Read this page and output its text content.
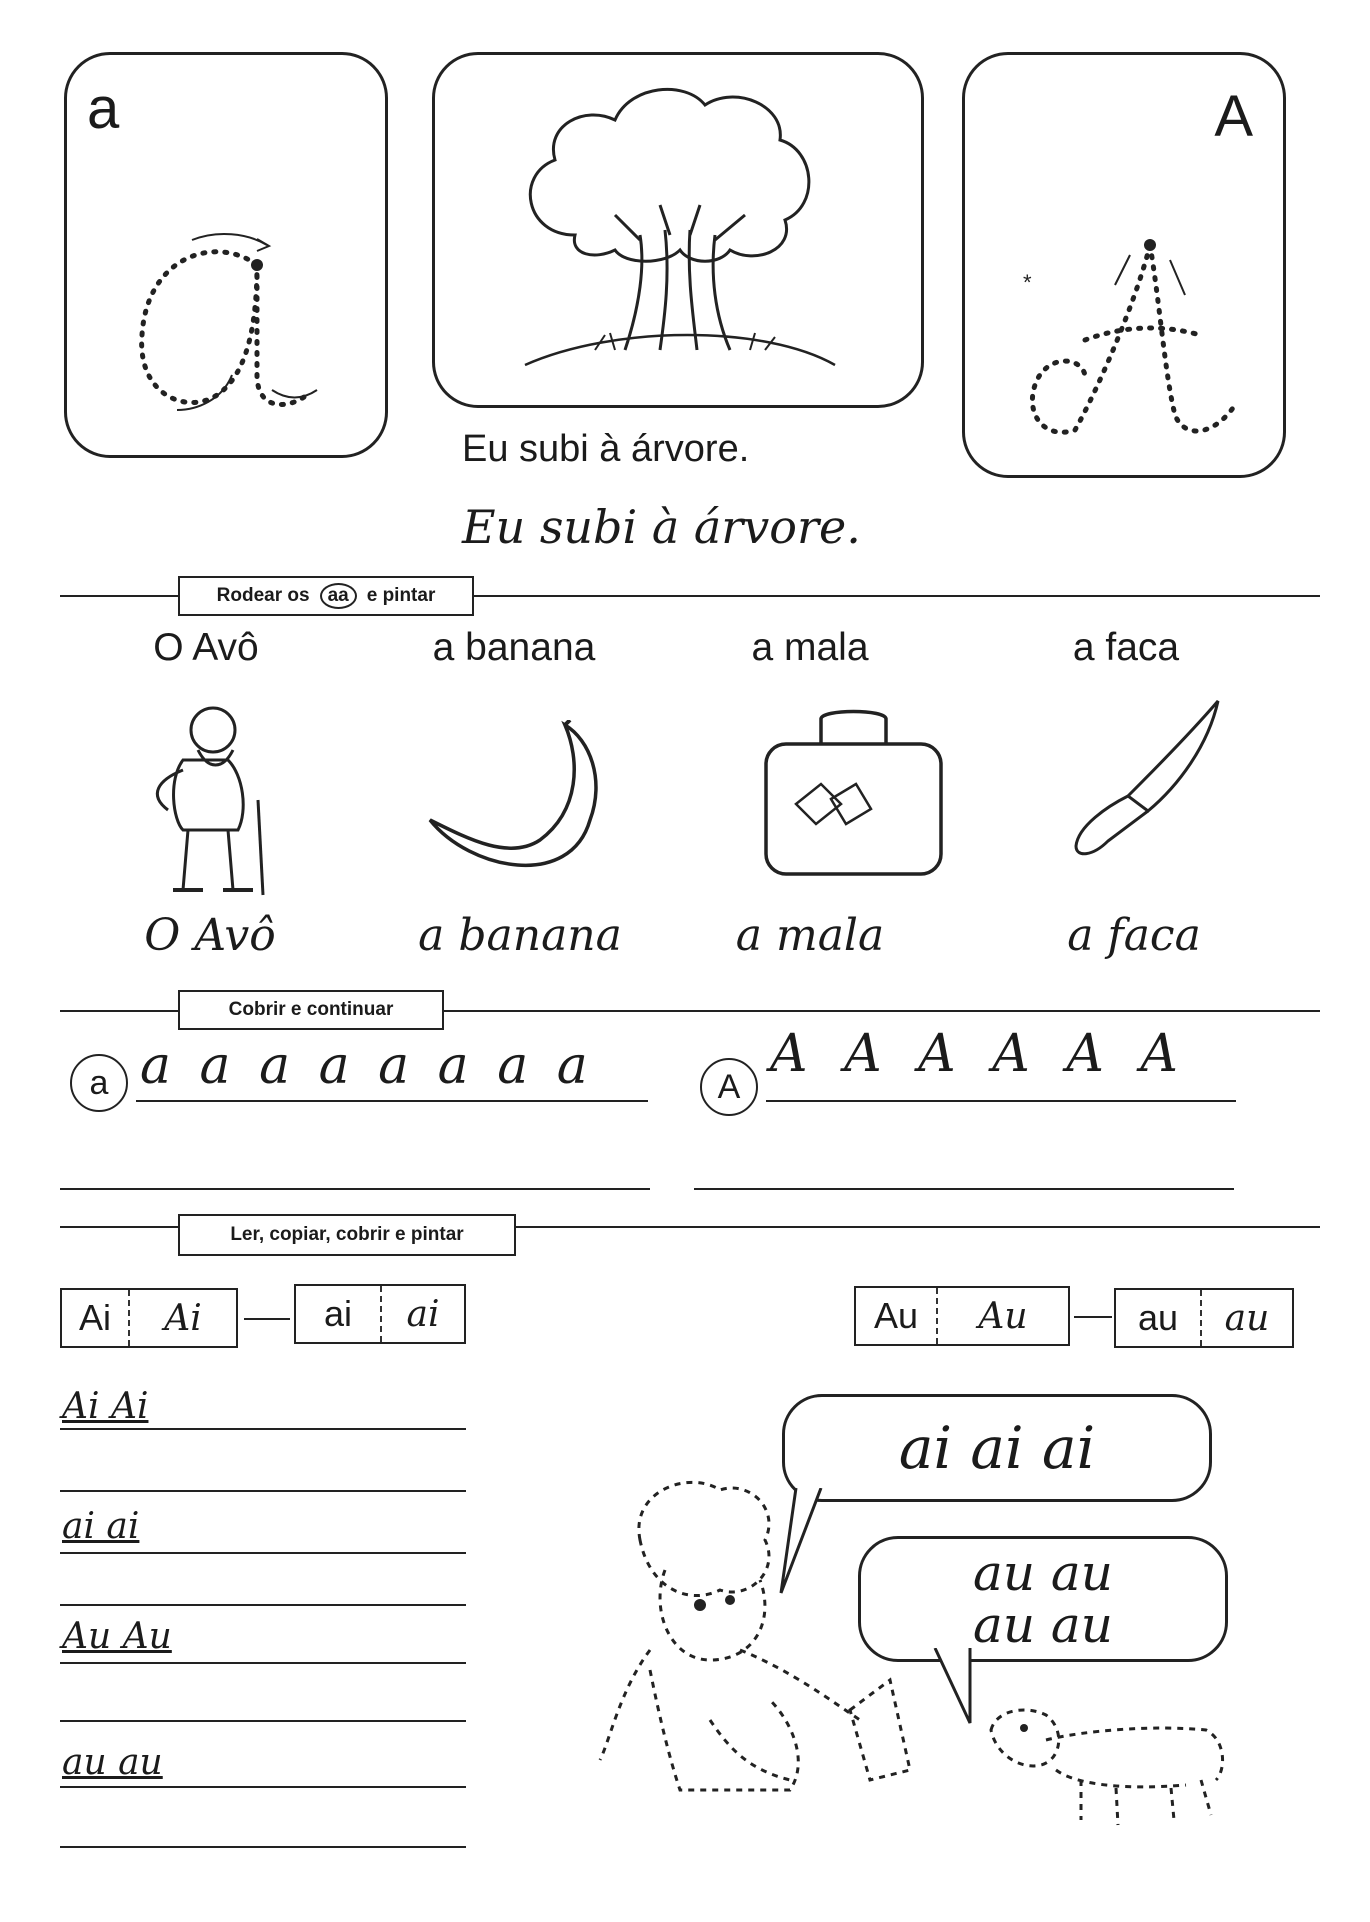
a	A
*
Eu subi à árvore.
Eu subi à árvore.
Rodear os aa e pintar
O Avô	a banana	a mala	a faca
O Avô	a banana	a mala	a faca
Cobrir e continuar
a a a a a a a a a	A
A A A A A A
Ler, copiar, cobrir e pintar
Ai	Ai	ai	ai	Au	Au	au	au
Ai Ai
ai ai
Au Au
au au
ai ai ai
au au
au au
